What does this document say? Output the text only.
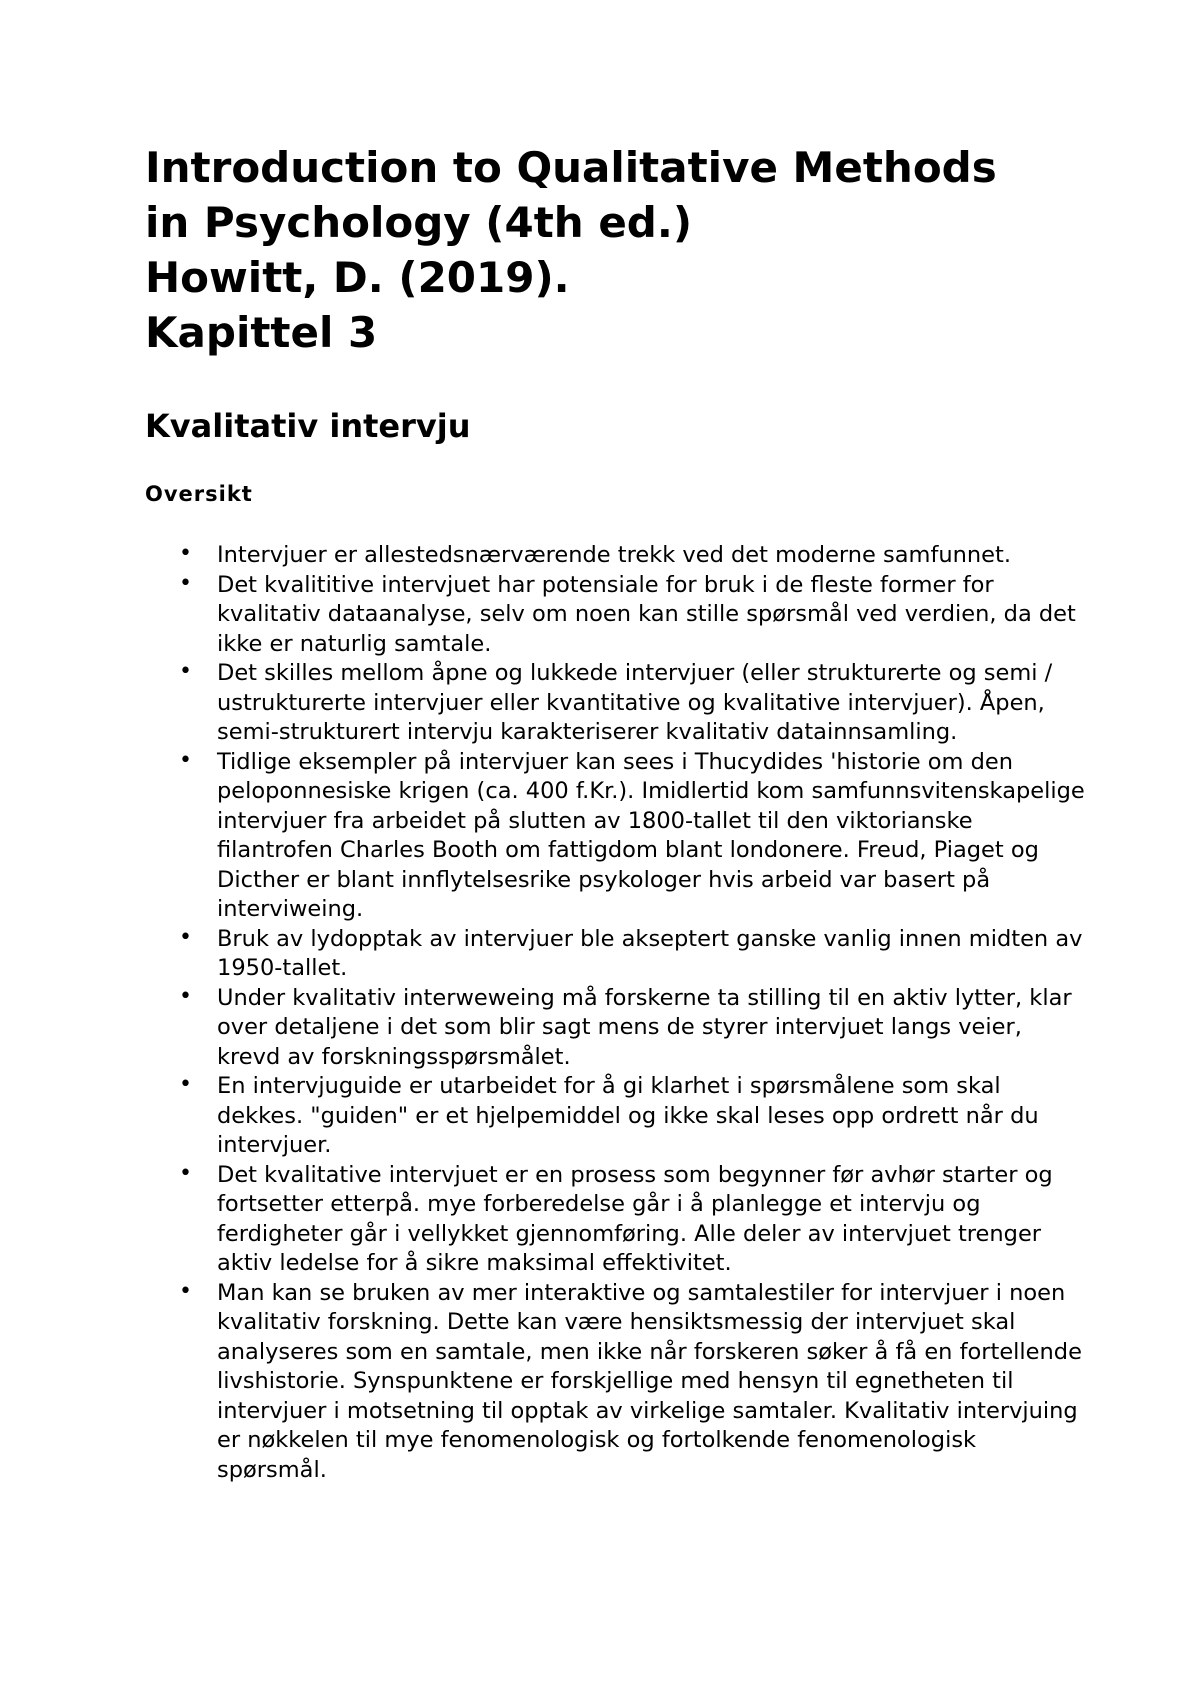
Introduction to Qualitative Methods
in Psychology (4th ed.)
Howitt, D. (2019).
Kapittel 3
Kvalitativ intervju
Oversikt
• Intervjuer er allestedsnærværende trekk ved det moderne samfunnet.
• Det kvalititive intervjuet har potensiale for bruk i de fleste former for kvalitativ dataanalyse, selv om noen kan stille spørsmål ved verdien, da det ikke er naturlig samtale.
• Det skilles mellom åpne og lukkede intervjuer (eller strukturerte og semi / ustrukturerte intervjuer eller kvantitative og kvalitative intervjuer). Åpen, semi-strukturert intervju karakteriserer kvalitativ datainnsamling.
• Tidlige eksempler på intervjuer kan sees i Thucydides 'historie om den peloponnesiske krigen (ca. 400 f.Kr.). Imidlertid kom samfunnsvitenskapelige intervjuer fra arbeidet på slutten av 1800-tallet til den viktorianske filantrofen Charles Booth om fattigdom blant londonere. Freud, Piaget og Dicther er blant innflytelsesrike psykologer hvis arbeid var basert på interviweing.
• Bruk av lydopptak av intervjuer ble akseptert ganske vanlig innen midten av 1950-tallet.
• Under kvalitativ interweweing må forskerne ta stilling til en aktiv lytter, klar over detaljene i det som blir sagt mens de styrer intervjuet langs veier, krevd av forskningsspørsmålet.
• En intervjuguide er utarbeidet for å gi klarhet i spørsmålene som skal dekkes. "guiden" er et hjelpemiddel og ikke skal leses opp ordrett når du intervjuer.
• Det kvalitative intervjuet er en prosess som begynner før avhør starter og fortsetter etterpå. mye forberedelse går i å planlegge et intervju og ferdigheter går i vellykket gjennomføring. Alle deler av intervjuet trenger aktiv ledelse for å sikre maksimal effektivitet.
• Man kan se bruken av mer interaktive og samtalestiler for intervjuer i noen kvalitativ forskning. Dette kan være hensiktsmessig der intervjuet skal analyseres som en samtale, men ikke når forskeren søker å få en fortellende livshistorie. Synspunktene er forskjellige med hensyn til egnetheten til intervjuer i motsetning til opptak av virkelige samtaler. Kvalitativ intervjuing er nøkkelen til mye fenomenologisk og fortolkende fenomenologisk spørsmål.
